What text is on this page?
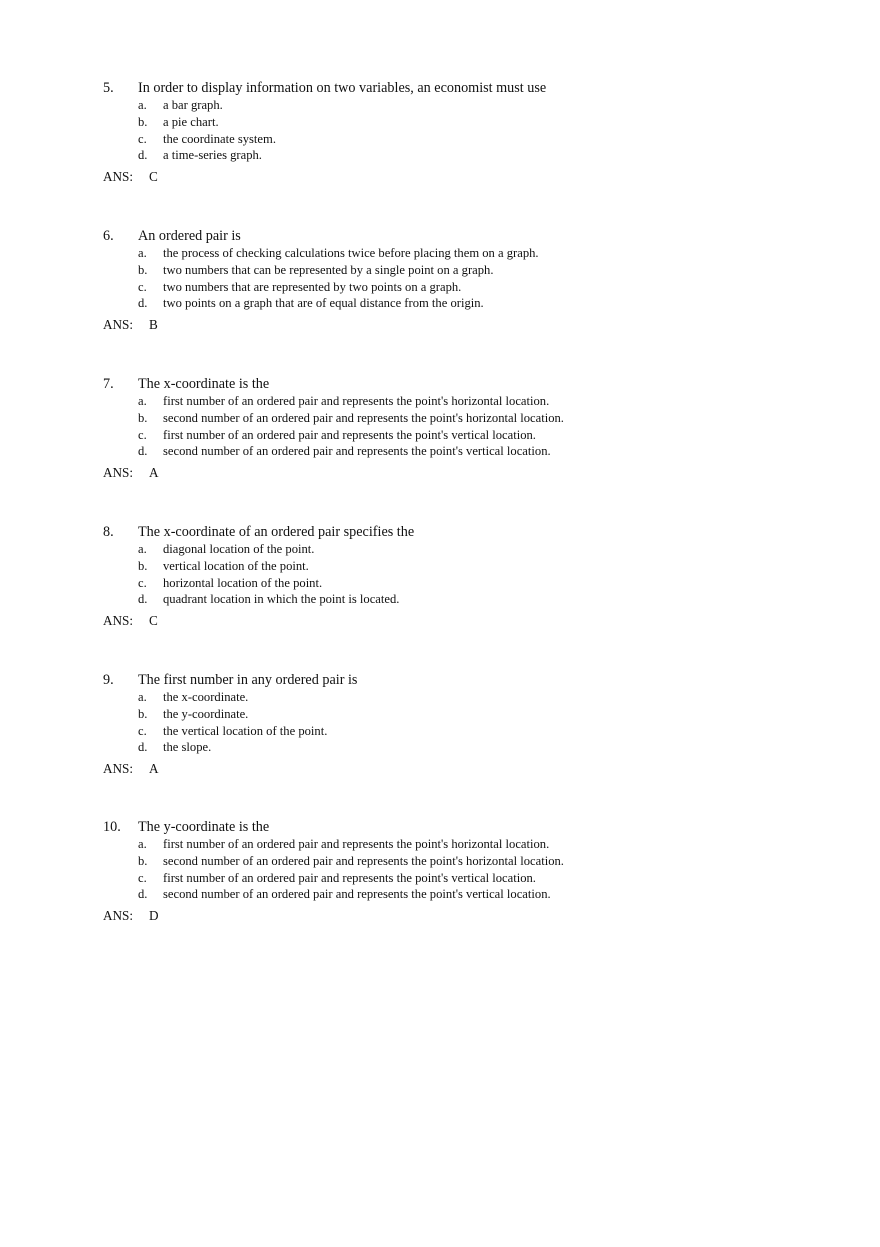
5. In order to display information on two variables, an economist must use
a. a bar graph.
b. a pie chart.
c. the coordinate system.
d. a time-series graph.
ANS: C
6. An ordered pair is
a. the process of checking calculations twice before placing them on a graph.
b. two numbers that can be represented by a single point on a graph.
c. two numbers that are represented by two points on a graph.
d. two points on a graph that are of equal distance from the origin.
ANS: B
7. The x-coordinate is the
a. first number of an ordered pair and represents the point's horizontal location.
b. second number of an ordered pair and represents the point's horizontal location.
c. first number of an ordered pair and represents the point's vertical location.
d. second number of an ordered pair and represents the point's vertical location.
ANS: A
8. The x-coordinate of an ordered pair specifies the
a. diagonal location of the point.
b. vertical location of the point.
c. horizontal location of the point.
d. quadrant location in which the point is located.
ANS: C
9. The first number in any ordered pair is
a. the x-coordinate.
b. the y-coordinate.
c. the vertical location of the point.
d. the slope.
ANS: A
10. The y-coordinate is the
a. first number of an ordered pair and represents the point's horizontal location.
b. second number of an ordered pair and represents the point's horizontal location.
c. first number of an ordered pair and represents the point's vertical location.
d. second number of an ordered pair and represents the point's vertical location.
ANS: D
